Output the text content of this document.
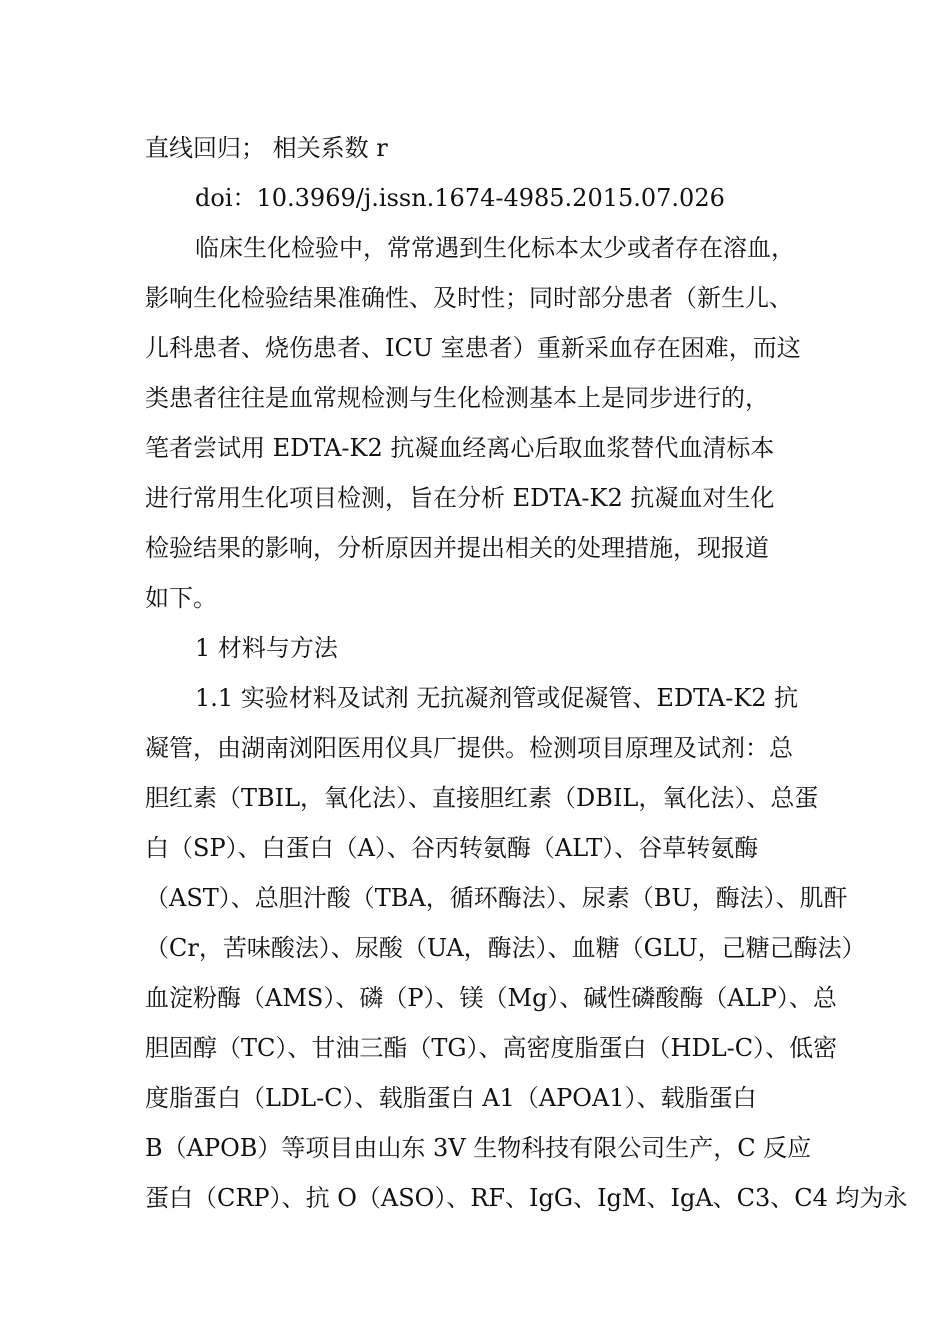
直线回归； 相关系数 r
doi：10.3969/j.issn.1674-4985.2015.07.026
临床生化检验中，常常遇到生化标本太少或者存在溶血，
影响生化检验结果准确性、及时性；同时部分患者（新生儿、
儿科患者、烧伤患者、ICU 室患者）重新采血存在困难，而这
类患者往往是血常规检测与生化检测基本上是同步进行的，
笔者尝试用 EDTA-K2 抗凝血经离心后取血浆替代血清标本
进行常用生化项目检测，旨在分析 EDTA-K2 抗凝血对生化
检验结果的影响，分析原因并提出相关的处理措施，现报道
如下。
1 材料与方法
1.1 实验材料及试剂 无抗凝剂管或促凝管、EDTA-K2 抗
凝管，由湖南浏阳医用仪具厂提供。检测项目原理及试剂：总
胆红素（TBIL，氧化法）、直接胆红素（DBIL，氧化法）、总蛋
白（SP）、白蛋白（A）、谷丙转氨酶（ALT）、谷草转氨酶
（AST）、总胆汁酸（TBA，循环酶法）、尿素（BU，酶法）、肌酐
（Cr，苦味酸法）、尿酸（UA，酶法）、血糖（GLU，己糖己酶法）
血淀粉酶（AMS）、磷（P）、镁（Mg）、碱性磷酸酶（ALP）、总
胆固醇（TC）、甘油三酯（TG）、高密度脂蛋白（HDL-C）、低密
度脂蛋白（LDL-C）、载脂蛋白 A1（APOA1）、载脂蛋白
B（APOB）等项目由山东 3V 生物科技有限公司生产，C 反应
蛋白（CRP）、抗 O（ASO）、RF、IgG、IgM、IgA、C3、C4 均为永
